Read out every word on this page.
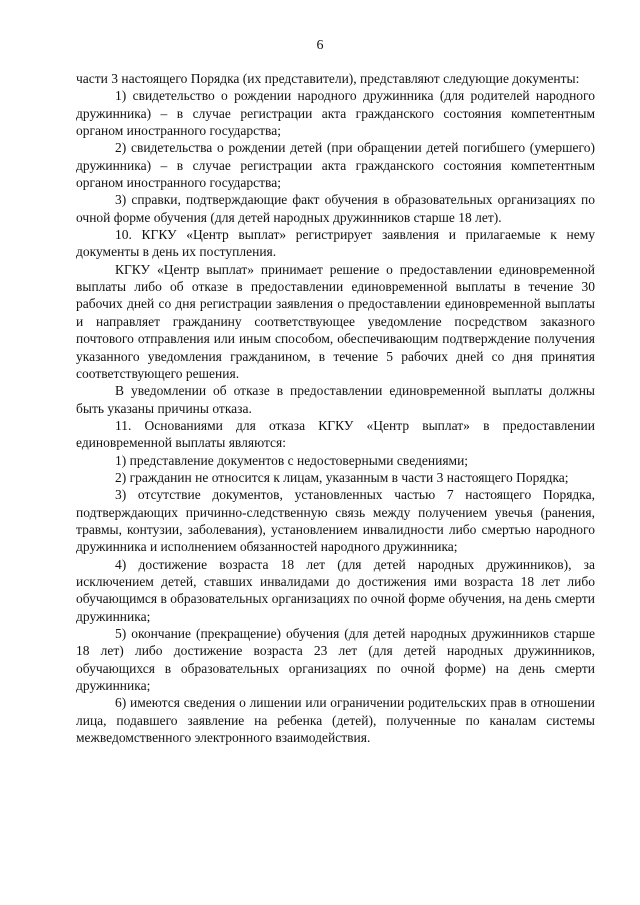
6

части 3 настоящего Порядка (их представители), представляют следующие документы:

1) свидетельство о рождении народного дружинника (для родителей народного дружинника) – в случае регистрации акта гражданского состояния компетентным органом иностранного государства;

2) свидетельства о рождении детей (при обращении детей погибшего (умершего) дружинника) – в случае регистрации акта гражданского состояния компетентным органом иностранного государства;

3) справки, подтверждающие факт обучения в образовательных организациях по очной форме обучения (для детей народных дружинников старше 18 лет).

10. КГКУ «Центр выплат» регистрирует заявления и прилагаемые к нему документы в день их поступления.

КГКУ «Центр выплат» принимает решение о предоставлении единовременной выплаты либо об отказе в предоставлении единовременной выплаты в течение 30 рабочих дней со дня регистрации заявления о предоставлении единовременной выплаты и направляет гражданину соответствующее уведомление посредством заказного почтового отправления или иным способом, обеспечивающим подтверждение получения указанного уведомления гражданином, в течение 5 рабочих дней со дня принятия соответствующего решения.

В уведомлении об отказе в предоставлении единовременной выплаты должны быть указаны причины отказа.

11. Основаниями для отказа КГКУ «Центр выплат» в предоставлении единовременной выплаты являются:

1) представление документов с недостоверными сведениями;

2) гражданин не относится к лицам, указанным в части 3 настоящего Порядка;

3) отсутствие документов, установленных частью 7 настоящего Порядка, подтверждающих причинно-следственную связь между получением увечья (ранения, травмы, контузии, заболевания), установлением инвалидности либо смертью народного дружинника и исполнением обязанностей народного дружинника;

4) достижение возраста 18 лет (для детей народных дружинников), за исключением детей, ставших инвалидами до достижения ими возраста 18 лет либо обучающимся в образовательных организациях по очной форме обучения, на день смерти дружинника;

5) окончание (прекращение) обучения (для детей народных дружинников старше 18 лет) либо достижение возраста 23 лет (для детей народных дружинников, обучающихся в образовательных организациях по очной форме) на день смерти дружинника;

6) имеются сведения о лишении или ограничении родительских прав в отношении лица, подавшего заявление на ребенка (детей), полученные по каналам системы межведомственного электронного взаимодействия.
